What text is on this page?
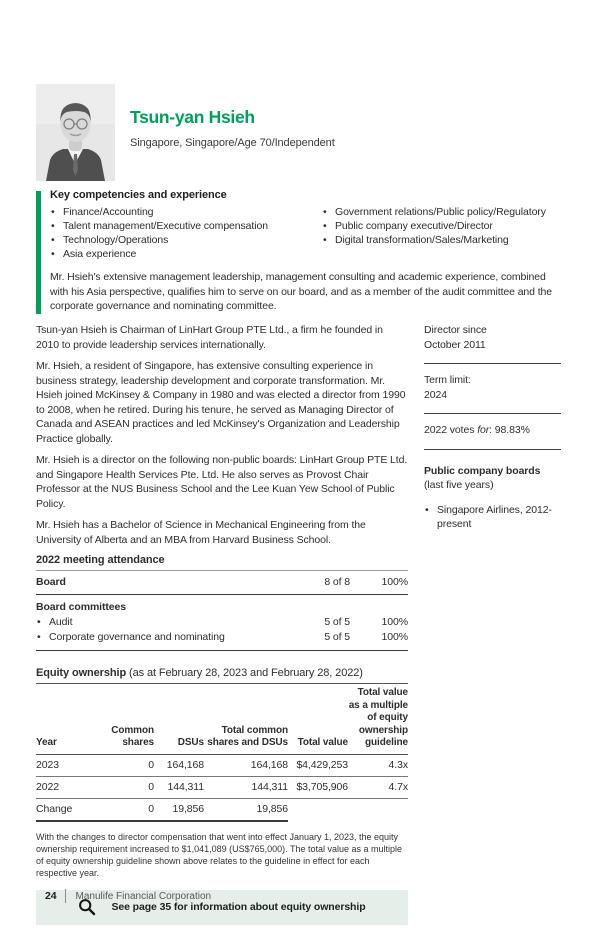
Tsun-yan Hsieh
Singapore, Singapore/Age 70/Independent
Key competencies and experience
• Finance/Accounting
• Talent management/Executive compensation
• Technology/Operations
• Asia experience
• Government relations/Public policy/Regulatory
• Public company executive/Director
• Digital transformation/Sales/Marketing
Mr. Hsieh's extensive management leadership, management consulting and academic experience, combined with his Asia perspective, qualifies him to serve on our board, and as a member of the audit committee and the corporate governance and nominating committee.

Tsun-yan Hsieh is Chairman of LinHart Group PTE Ltd., a firm he founded in 2010 to provide leadership services internationally.

Mr. Hsieh, a resident of Singapore, has extensive consulting experience in business strategy, leadership development and corporate transformation. Mr. Hsieh joined McKinsey & Company in 1980 and was elected a director from 1990 to 2008, when he retired. During his tenure, he served as Managing Director of Canada and ASEAN practices and led McKinsey's Organization and Leadership Practice globally.

Mr. Hsieh is a director on the following non-public boards: LinHart Group PTE Ltd. and Singapore Health Services Pte. Ltd. He also serves as Provost Chair Professor at the NUS Business School and the Lee Kuan Yew School of Public Policy.

Mr. Hsieh has a Bachelor of Science in Mechanical Engineering from the University of Alberta and an MBA from Harvard Business School.

2022 meeting attendance
Board	8 of 8	100%
Board committees
• Audit	5 of 5	100%
• Corporate governance and nominating	5 of 5	100%
Equity ownership (as at February 28, 2023 and February 28, 2022)
Year	Common shares	DSUs	Total common shares and DSUs	Total value	Total value as a multiple of equity ownership guideline
2023	0	164,168	164,168	$4,429,253	4.3x
2022	0	144,311	144,311	$3,705,906	4.7x
Change	0	19,856	19,856		
With the changes to director compensation that went into effect January 1, 2023, the equity ownership requirement increased to $1,041,089 (US$765,000). The total value as a multiple of equity ownership guideline shown above relates to the guideline in effect for each respective year.
See page 35 for information about equity ownership
Director since
October 2011
Term limit:
2024
2022 votes for: 98.83%
Public company boards
(last five years)
• Singapore Airlines, 2012-present
24 Manulife Financial Corporation
